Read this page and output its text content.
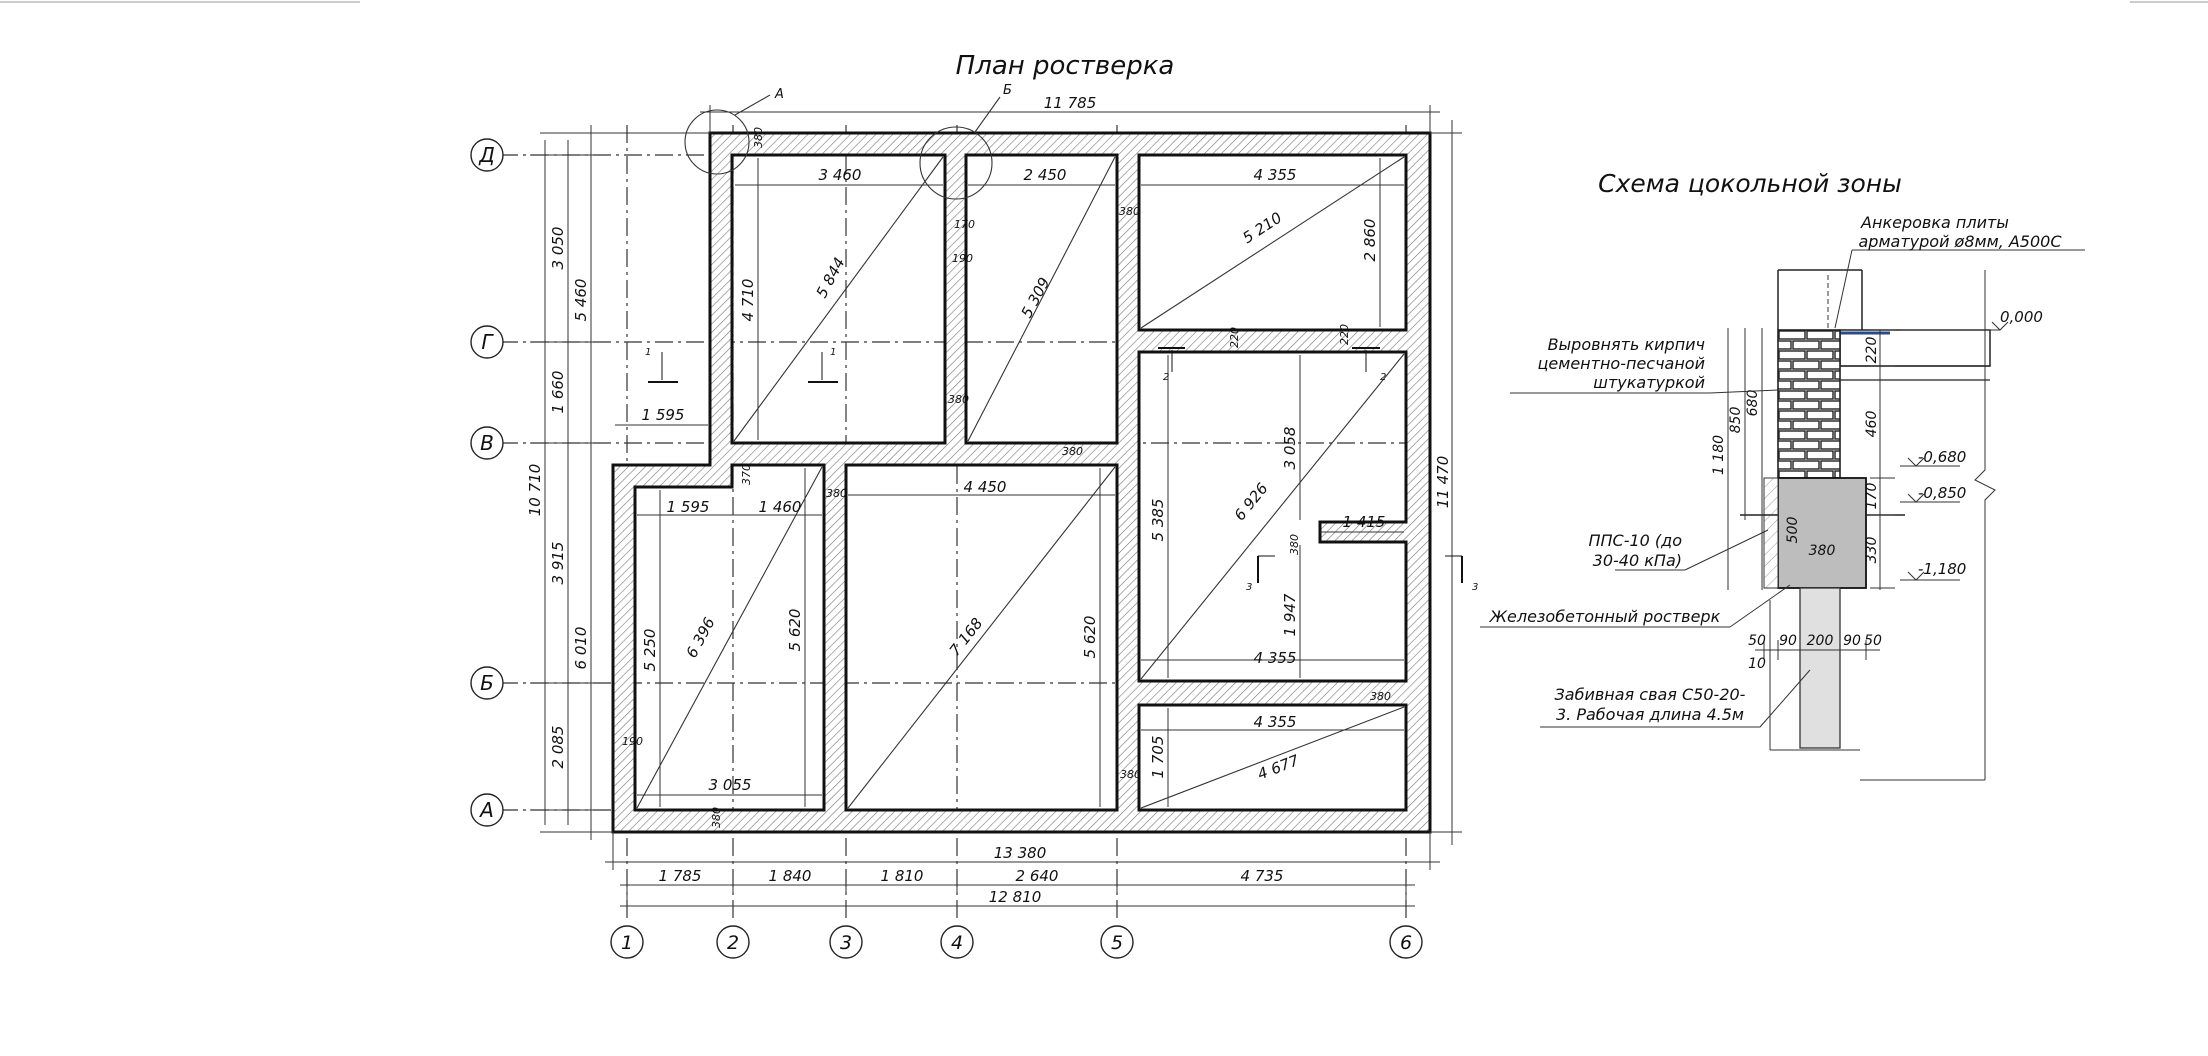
План ростверка
Д
Г
В
Б
А
1	2	3	4	5	6
А	Б
1	1
2	2
3	3
11 785
13 380
12 810
1 785	1 840	1 810	2 640	4 735
3 050
1 660
3 915
2 085
10 710
5 460
6 010
11 470
3 460
4 710	5 844
2 450
5 309
4 355
2 860
5 210
3 058
5 385	6 926	1 415
1 947
4 355
4 355
1 705	4 677
4 450
5 620
7 168
1 595	1 460
5 250	5 620
6 396
3 055
1 595
380
370
380
380
380
380
380
380
380
380
190
170
190
220	220
Схема цокольной зоны
0,000
-0,680
-0,850
-1,180
850
680
1 180
500
220
460
170
330
380
50 90 200 90 50
10
Анкеровка плиты
арматурой ø8мм, А500С
Выровнять кирпич
цементно-песчаной
штукатуркой
ППС-10 (до
30-40 кПа)
Железобетонный ростверк
Забивная свая С50-20-
3. Рабочая длина 4.5м
